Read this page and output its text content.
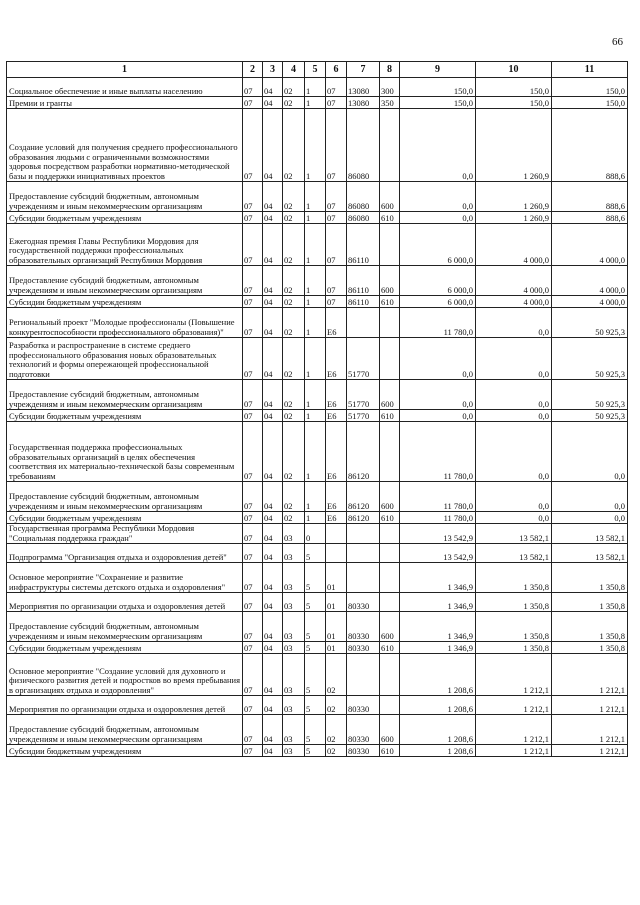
66
1	2	3	4	5	6	7	8	9	10	11
Социальное обеспечение и иные выплаты населению	07	04	02	1	07	13080	300	150,0	150,0	150,0
Премии и гранты	07	04	02	1	07	13080	350	150,0	150,0	150,0
Создание условий для получения среднего профессионального образования людьми с ограниченными возможностями здоровья посредством разработки нормативно-методической базы и поддержки инициативных проектов	07	04	02	1	07	86080		0,0	1 260,9	888,6
Предоставление субсидий бюджетным, автономным учреждениям и иным некоммерческим организациям	07	04	02	1	07	86080	600	0,0	1 260,9	888,6
Субсидии бюджетным учреждениям	07	04	02	1	07	86080	610	0,0	1 260,9	888,6
Ежегодная премия Главы Республики Мордовия для государственной поддержки профессиональных образовательных организаций Республики Мордовия	07	04	02	1	07	86110		6 000,0	4 000,0	4 000,0
Предоставление субсидий бюджетным, автономным учреждениям и иным некоммерческим организациям	07	04	02	1	07	86110	600	6 000,0	4 000,0	4 000,0
Субсидии бюджетным учреждениям	07	04	02	1	07	86110	610	6 000,0	4 000,0	4 000,0
Региональный проект "Молодые профессионалы (Повышение конкурентоспособности профессионального образования)"	07	04	02	1	E6			11 780,0	0,0	50 925,3
Разработка и распространение в системе среднего профессионального образования новых образовательных технологий и формы опережающей профессиональной подготовки	07	04	02	1	E6	51770		0,0	0,0	50 925,3
Предоставление субсидий бюджетным, автономным учреждениям и иным некоммерческим организациям	07	04	02	1	E6	51770	600	0,0	0,0	50 925,3
Субсидии бюджетным учреждениям	07	04	02	1	E6	51770	610	0,0	0,0	50 925,3
Государственная поддержка профессиональных образовательных организаций в целях обеспечения соответствия их материально-технической базы современным требованиям	07	04	02	1	E6	86120		11 780,0	0,0	0,0
Предоставление субсидий бюджетным, автономным учреждениям и иным некоммерческим организациям	07	04	02	1	E6	86120	600	11 780,0	0,0	0,0
Субсидии бюджетным учреждениям	07	04	02	1	E6	86120	610	11 780,0	0,0	0,0
Государственная программа Республики Мордовия "Социальная поддержка граждан"	07	04	03	0				13 542,9	13 582,1	13 582,1
Подпрограмма "Организация отдыха и оздоровления детей"	07	04	03	5				13 542,9	13 582,1	13 582,1
Основное мероприятие "Сохранение и развитие инфраструктуры системы детского отдыха и оздоровления"	07	04	03	5	01			1 346,9	1 350,8	1 350,8
Мероприятия по организации отдыха и оздоровления детей	07	04	03	5	01	80330		1 346,9	1 350,8	1 350,8
Предоставление субсидий бюджетным, автономным учреждениям и иным некоммерческим организациям	07	04	03	5	01	80330	600	1 346,9	1 350,8	1 350,8
Субсидии бюджетным учреждениям	07	04	03	5	01	80330	610	1 346,9	1 350,8	1 350,8
Основное мероприятие "Создание условий для духовного и физического развития детей и подростков во время пребывания в организациях отдыха и оздоровления"	07	04	03	5	02			1 208,6	1 212,1	1 212,1
Мероприятия по организации отдыха и оздоровления детей	07	04	03	5	02	80330		1 208,6	1 212,1	1 212,1
Предоставление субсидий бюджетным, автономным учреждениям и иным некоммерческим организациям	07	04	03	5	02	80330	600	1 208,6	1 212,1	1 212,1
Субсидии бюджетным учреждениям	07	04	03	5	02	80330	610	1 208,6	1 212,1	1 212,1
